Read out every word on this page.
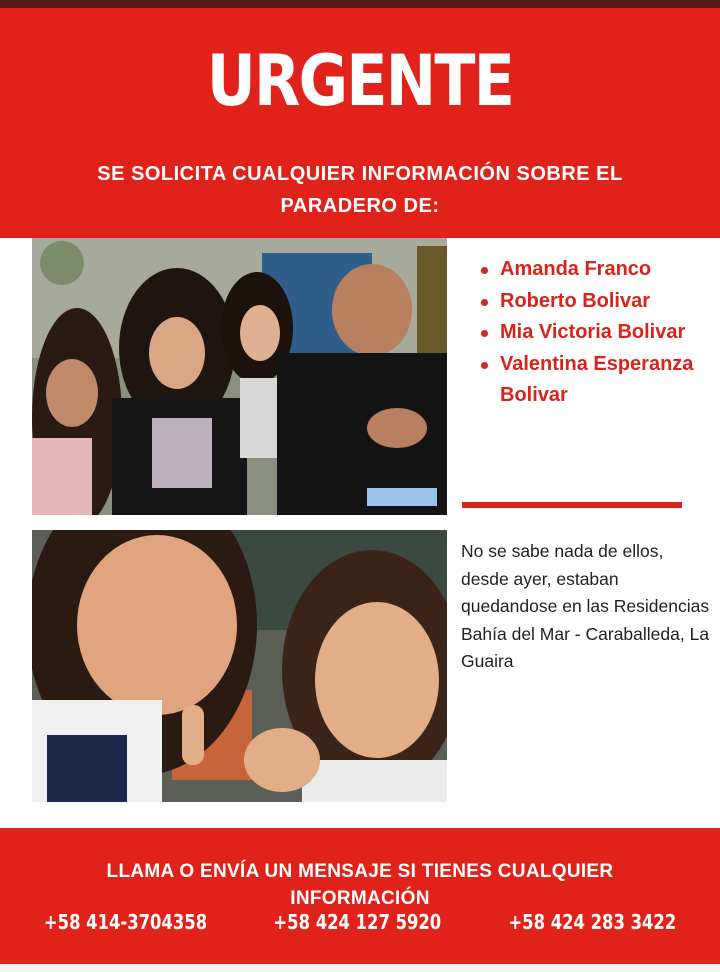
URGENTE
SE SOLICITA CUALQUIER INFORMACIÓN SOBRE EL PARADERO DE:
Amanda Franco
Roberto Bolivar
Mia Victoria Bolivar
Valentina Esperanza Bolivar
No se sabe nada de ellos, desde ayer, estaban quedandose en las Residencias Bahía del Mar - Caraballeda, La Guaira
LLAMA O ENVÍA UN MENSAJE SI TIENES CUALQUIER INFORMACIÓN
+58 414-3704358	+58 424 127 5920	+58 424 283 3422
